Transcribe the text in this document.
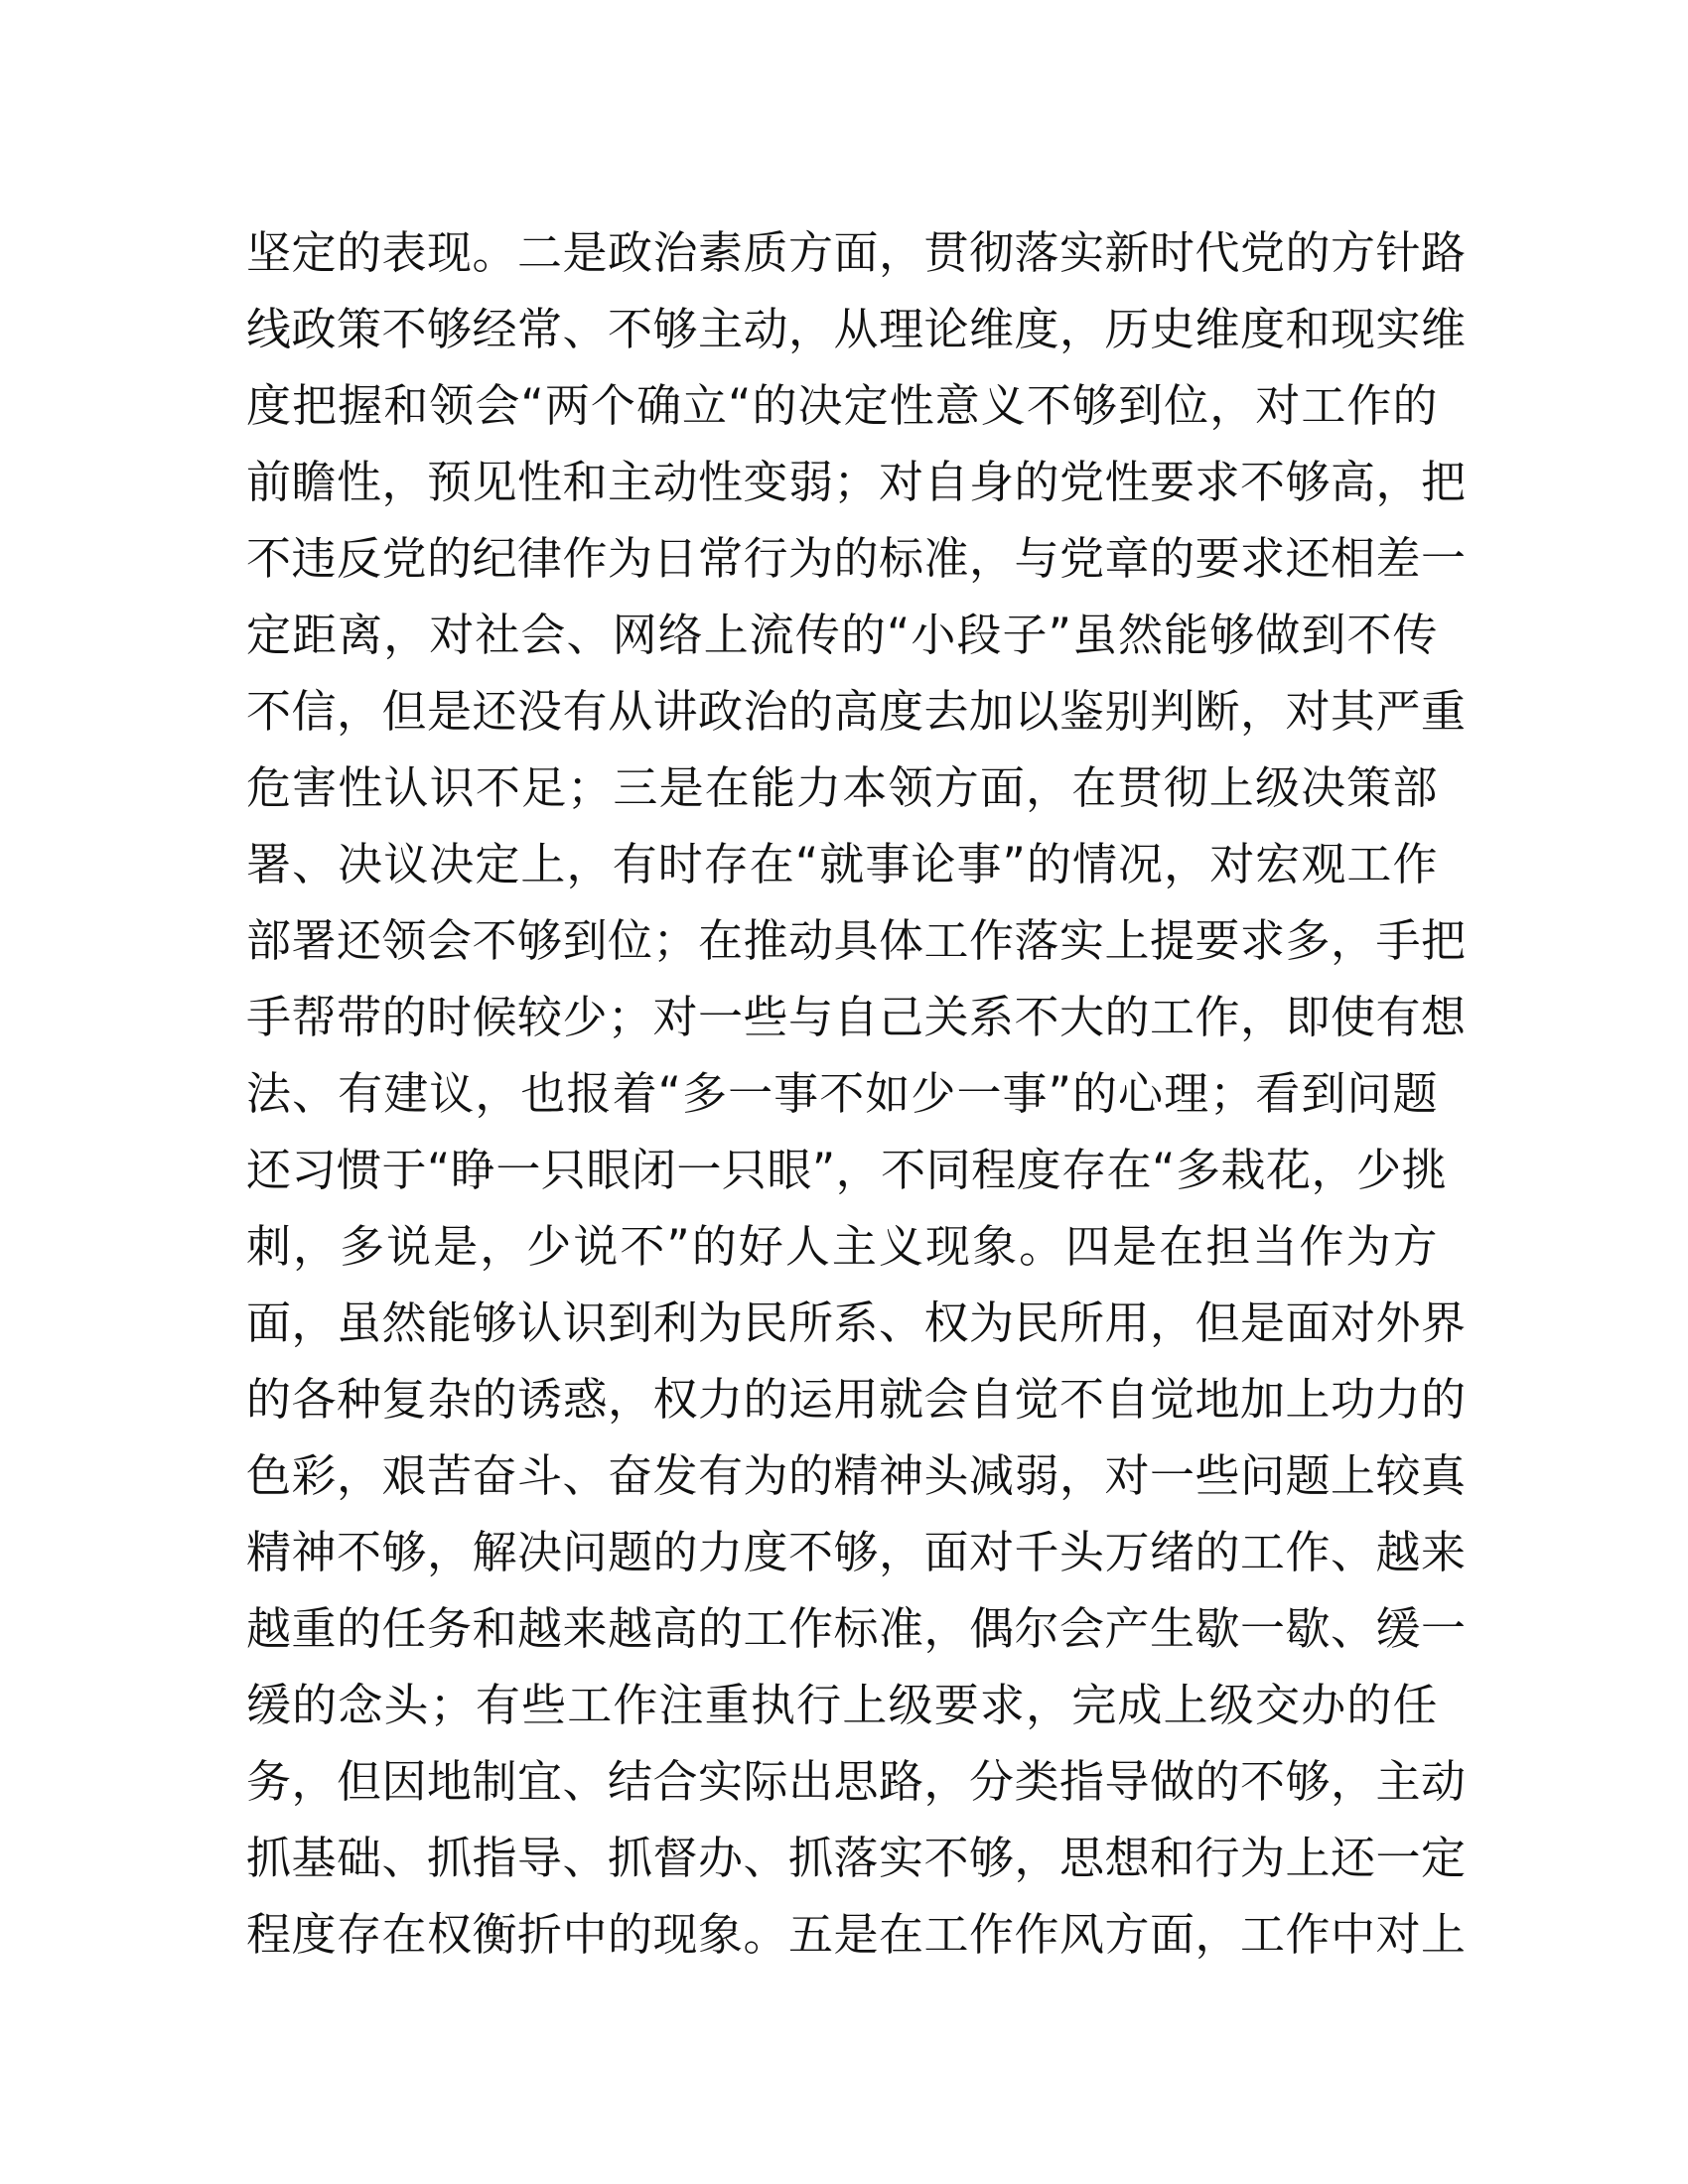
坚定的表现。二是政治素质方面，贯彻落实新时代党的方针路
线政策不够经常、不够主动，从理论维度，历史维度和现实维
度把握和领会“两个确立“的决定性意义不够到位，对工作的
前瞻性，预见性和主动性变弱；对自身的党性要求不够高，把
不违反党的纪律作为日常行为的标准，与党章的要求还相差一
定距离，对社会、网络上流传的“小段子”虽然能够做到不传
不信，但是还没有从讲政治的高度去加以鉴别判断，对其严重
危害性认识不足；三是在能力本领方面，在贯彻上级决策部
署、决议决定上，有时存在“就事论事”的情况，对宏观工作
部署还领会不够到位；在推动具体工作落实上提要求多，手把
手帮带的时候较少；对一些与自己关系不大的工作，即使有想
法、有建议，也报着“多一事不如少一事”的心理；看到问题
还习惯于“睁一只眼闭一只眼”，不同程度存在“多栽花，少挑
刺，多说是，少说不”的好人主义现象。四是在担当作为方
面，虽然能够认识到利为民所系、权为民所用，但是面对外界
的各种复杂的诱惑，权力的运用就会自觉不自觉地加上功力的
色彩，艰苦奋斗、奋发有为的精神头减弱，对一些问题上较真
精神不够，解决问题的力度不够，面对千头万绪的工作、越来
越重的任务和越来越高的工作标准，偶尔会产生歇一歇、缓一
缓的念头；有些工作注重执行上级要求，完成上级交办的任
务，但因地制宜、结合实际出思路，分类指导做的不够，主动
抓基础、抓指导、抓督办、抓落实不够，思想和行为上还一定
程度存在权衡折中的现象。五是在工作作风方面，工作中对上
